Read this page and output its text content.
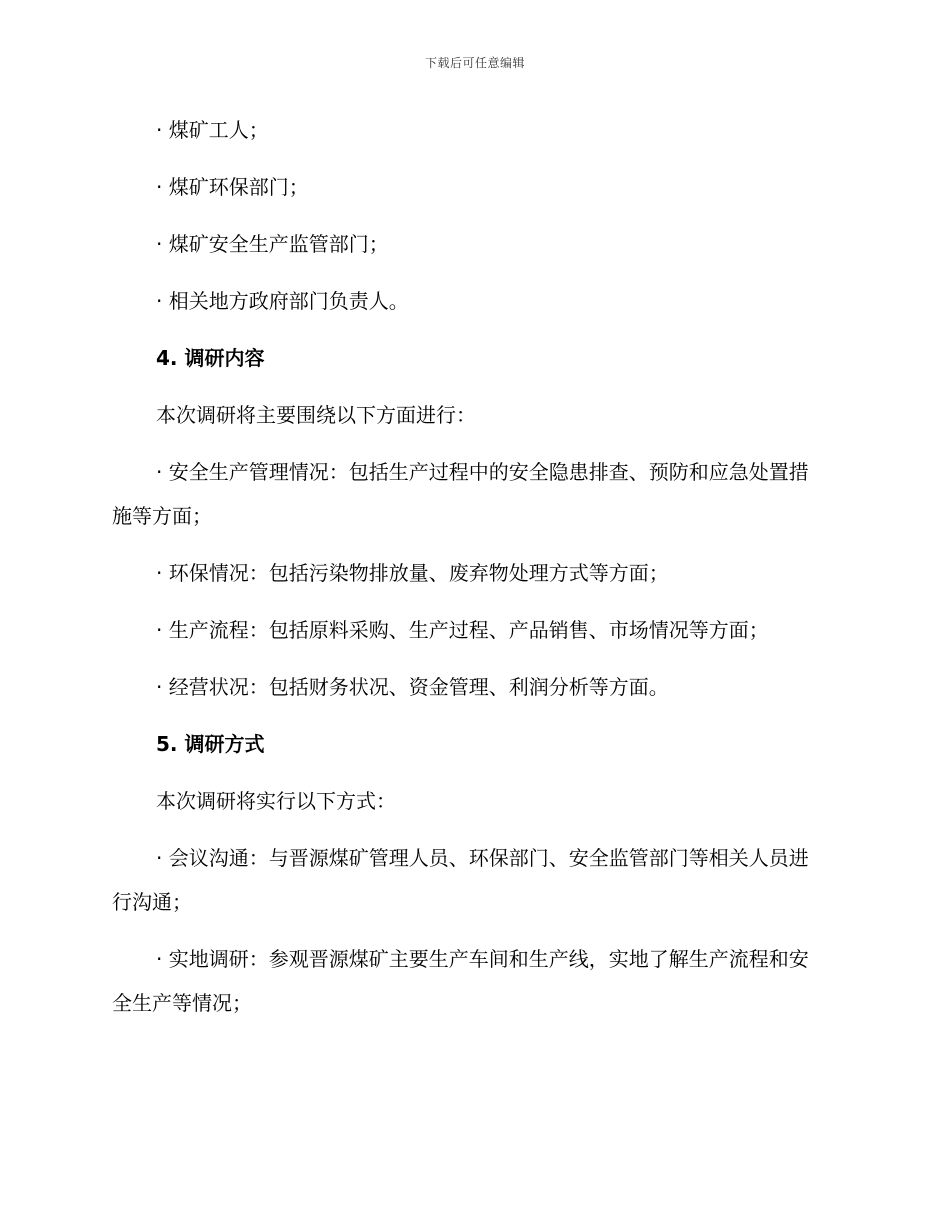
下载后可任意编辑

· 煤矿工人；

· 煤矿环保部门；

· 煤矿安全生产监管部门；

· 相关地方政府部门负责人。

4. 调研内容

本次调研将主要围绕以下方面进行：

· 安全生产管理情况：包括生产过程中的安全隐患排查、预防和应急处置措施等方面；

· 环保情况：包括污染物排放量、废弃物处理方式等方面；

· 生产流程：包括原料采购、生产过程、产品销售、市场情况等方面；

· 经营状况：包括财务状况、资金管理、利润分析等方面。

5. 调研方式

本次调研将实行以下方式：

· 会议沟通：与晋源煤矿管理人员、环保部门、安全监管部门等相关人员进行沟通；

· 实地调研：参观晋源煤矿主要生产车间和生产线，实地了解生产流程和安全生产等情况；
